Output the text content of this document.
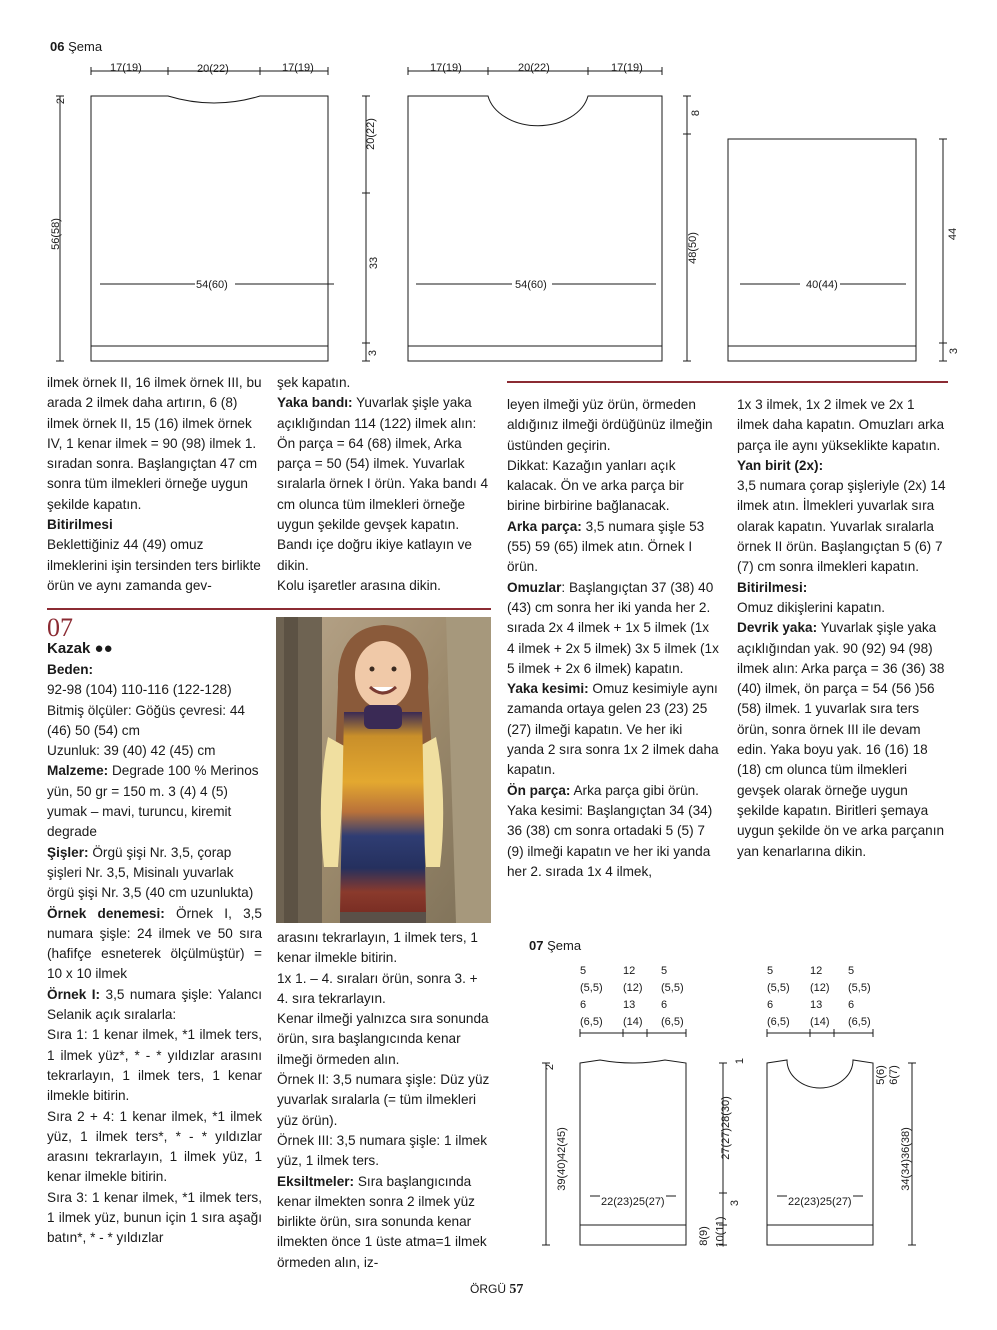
06 Şema
17(19)	20(22)	17(19)
54(60)
56(58)
2
20(22)
33
3
17(19)	20(22)	17(19)
54(60)
48(50)
8
40(44)
44
3

ilmek örnek II, 16 ilmek örnek III, bu arada 2 ilmek daha artırın, 6 (8) ilmek örnek II, 15 (16) ilmek örnek IV, 1 kenar ilmek = 90 (98) ilmek 1. sıradan sonra. Başlangıçtan 47 cm sonra tüm ilmekleri örneğe uygun şekilde kapatın.

Bitirilmesi

Beklettiğiniz 44 (49) omuz ilmeklerini işin tersinden ters birlikte örün ve aynı zamanda gev-

şek kapatın.

Yaka bandı: Yuvarlak şişle yaka açıklığından 114 (122) ilmek alın: Ön parça = 64 (68) ilmek, Arka parça = 50 (54) ilmek. Yuvarlak sıralarla örnek I örün. Yaka bandı 4 cm olunca tüm ilmekleri örneğe uygun şekilde gevşek kapatın. Bandı içe doğru ikiye katlayın ve dikin.

Kolu işaretler arasına dikin.

07
Kazak ●●

Beden:

92-98 (104) 110-116 (122-128)

Bitmiş ölçüler: Göğüs çevresi: 44 (46) 50 (54) cm

Uzunluk: 39 (40) 42 (45) cm

Malzeme: Degrade 100 % Merinos yün, 50 gr = 150 m. 3 (4) 4 (5) yumak – mavi, turuncu, kiremit degrade

Şişler: Örgü şişi Nr. 3,5, çorap şişleri Nr. 3,5, Misinalı yuvarlak örgü şişi Nr. 3,5 (40 cm uzunlukta)

Örnek denemesi: Örnek I, 3,5 numara şişle: 24 ilmek ve 50 sıra (hafifçe esneterek ölçülmüştür) = 10 x 10 ilmek

Örnek I: 3,5 numara şişle: Yalancı Selanik açık sıralarla:

Sıra 1: 1 kenar ilmek, *1 ilmek ters, 1 ilmek yüz*, * - * yıldızlar arasını tekrarlayın, 1 ilmek ters, 1 kenar ilmekle bitirin.

Sıra 2 + 4: 1 kenar ilmek, *1 ilmek yüz, 1 ilmek ters*, * - * yıldızlar arasını tekrarlayın, 1 ilmek yüz, 1 kenar ilmekle bitirin.

Sıra 3: 1 kenar ilmek, *1 ilmek ters, 1 ilmek yüz, bunun için 1 sıra aşağı batın*, * - * yıldızlar

arasını tekrarlayın, 1 ilmek ters, 1 kenar ilmekle bitirin.

1x 1. – 4. sıraları örün, sonra 3. + 4. sıra tekrarlayın.

Kenar ilmeği yalnızca sıra sonunda örün, sıra başlangıcında kenar ilmeği örmeden alın.

Örnek II: 3,5 numara şişle: Düz yüz yuvarlak sıralarla (= tüm ilmekleri yüz örün).

Örnek III: 3,5 numara şişle: 1 ilmek yüz, 1 ilmek ters.

Eksiltmeler: Sıra başlangıcında kenar ilmekten sonra 2 ilmek yüz birlikte örün, sıra sonunda kenar ilmekten önce 1 üste atma=1 ilmek örmeden alın, iz-

leyen ilmeği yüz örün, örmeden aldığınız ilmeği ördüğünüz ilmeğin üstünden geçirin.

Dikkat: Kazağın yanları açık kalacak. Ön ve arka parça bir birine birbirine bağlanacak.

Arka parça: 3,5 numara şişle 53 (55) 59 (65) ilmek atın. Örnek I örün.

Omuzlar: Başlangıçtan 37 (38) 40 (43) cm sonra her iki yanda her 2. sırada 2x 4 ilmek + 1x 5 ilmek (1x 4 ilmek + 2x 5 ilmek) 3x 5 ilmek (1x 5 ilmek + 2x 6 ilmek) kapatın.

Yaka kesimi: Omuz kesimiyle aynı zamanda ortaya gelen 23 (23) 25 (27) ilmeği kapatın. Ve her iki yanda 2 sıra sonra 1x 2 ilmek daha kapatın.

Ön parça: Arka parça gibi örün. Yaka kesimi: Başlangıçtan 34 (34) 36 (38) cm sonra ortadaki 5 (5) 7 (9) ilmeği kapatın ve her iki yanda her 2. sırada 1x 4 ilmek,

1x 3 ilmek, 1x 2 ilmek ve 2x 1 ilmek daha kapatın. Omuzları arka parça ile aynı yükseklikte kapatın.

Yan birit (2x):

3,5 numara çorap şişleriyle (2x) 14 ilmek atın. İlmekleri yuvarlak sıra olarak kapatın. Yuvarlak sıralarla örnek II örün. Başlangıçtan 5 (6) 7 (7) cm sonra ilmekleri kapatın.

Bitirilmesi:

Omuz dikişlerini kapatın.

Devrik yaka: Yuvarlak şişle yaka açıklığından yak. 90 (92) 94 (98) ilmek alın: Arka parça = 36 (36) 38 (40) ilmek, ön parça = 54 (56 )56 (58) ilmek. 1 yuvarlak sıra ters örün, sonra örnek III ile devam edin. Yaka boyu yak. 16 (16) 18 (18) cm olunca tüm ilmekleri gevşek olarak örneğe uygun şekilde kapatın. Biritleri şemaya uygun şekilde ön ve arka parçanın yan kenarlarına dikin.

07 Şema
5	12 5
(5,5) (12) (5,5)
6	13 6
(6,5) (14) (6,5)
5	12 5
(5,5) (12) (5,5)
6	13 6
(6,5) (14) (6,5)
39(40)42(45)
2
22(23)25(27)
27(27)28(30)
1
3
8(9) 10(11)
22(23)25(27)
5(6) 6(7)
34(34)36(38)
ÖRGÜ 57
